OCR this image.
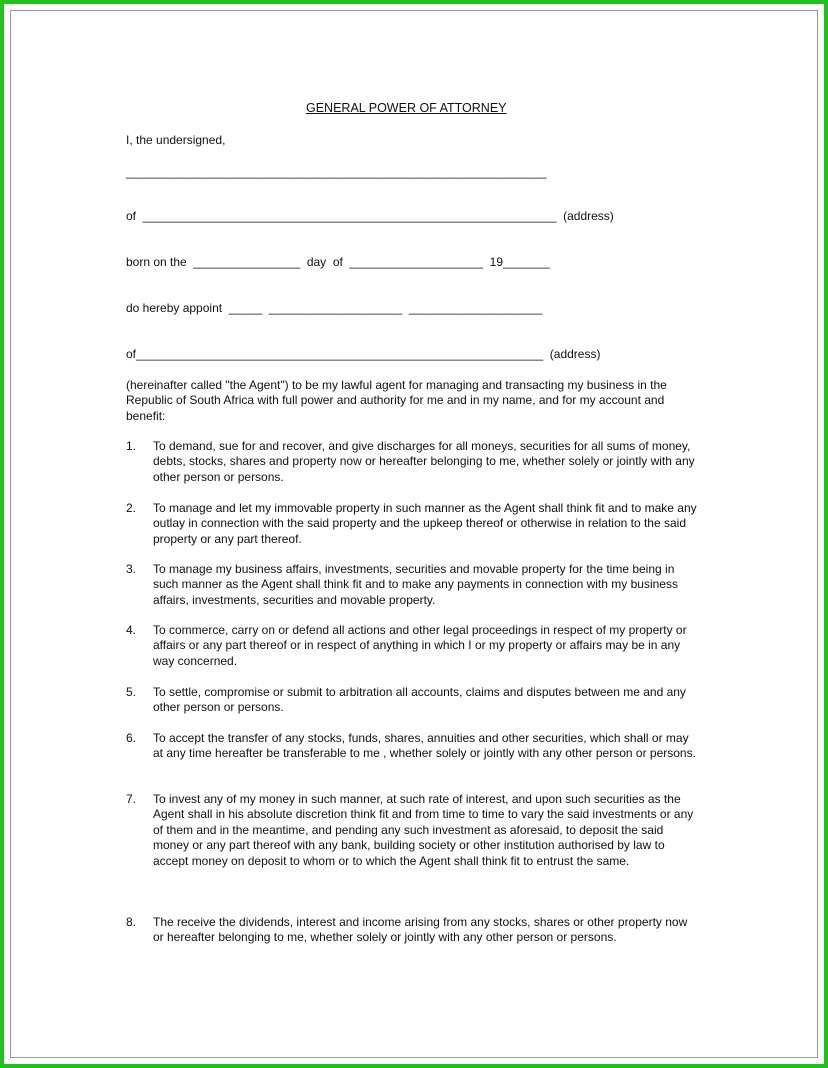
GENERAL POWER OF ATTORNEY
I, the undersigned,
_______________________________________________________________
of  ______________________________________________________________  (address)
born on the  ________________  day  of  ____________________  19_______
do hereby appoint  _____  ____________________  ____________________
of_____________________________________________________________  (address)
(hereinafter called "the Agent") to be my lawful agent for managing and transacting my business in the Republic of South Africa with full power and authority for me and in my name, and for my account and benefit:
1. To demand, sue for and recover, and give discharges for all moneys, securities for all sums of money, debts, stocks, shares and property now or hereafter belonging to me, whether solely or jointly with any other person or persons.
2. To manage and let my immovable property in such manner as the Agent shall think fit and to make any outlay in connection with the said property and the upkeep thereof or otherwise in relation to the said property or any part thereof.
3. To manage my business affairs, investments, securities and movable property for the time being in such manner as the Agent shall think fit and to make any payments in connection with my business affairs, investments, securities and movable property.
4. To commerce, carry on or defend all actions and other legal proceedings in respect of my property or affairs or any part thereof or in respect of anything in which I or my property or affairs may be in any way concerned.
5. To settle, compromise or submit to arbitration all accounts, claims and disputes between me and any other person or persons.
6. To accept the transfer of any stocks, funds, shares, annuities and other securities, which shall or may at any time hereafter be transferable to me , whether solely or jointly with any other person or persons.
7. To invest any of my money in such manner, at such rate of interest, and upon such securities as the Agent shall in his absolute discretion think fit and from time to time to vary the said investments or any of them and in the meantime, and pending any such investment as aforesaid, to deposit the said money or any part thereof with any bank, building society or other institution authorised by law to accept money on deposit to whom or to which the Agent shall think fit to entrust the same.
8. The receive the dividends, interest and income arising from any stocks, shares or other property now or hereafter belonging to me, whether solely or jointly with any other person or persons.
